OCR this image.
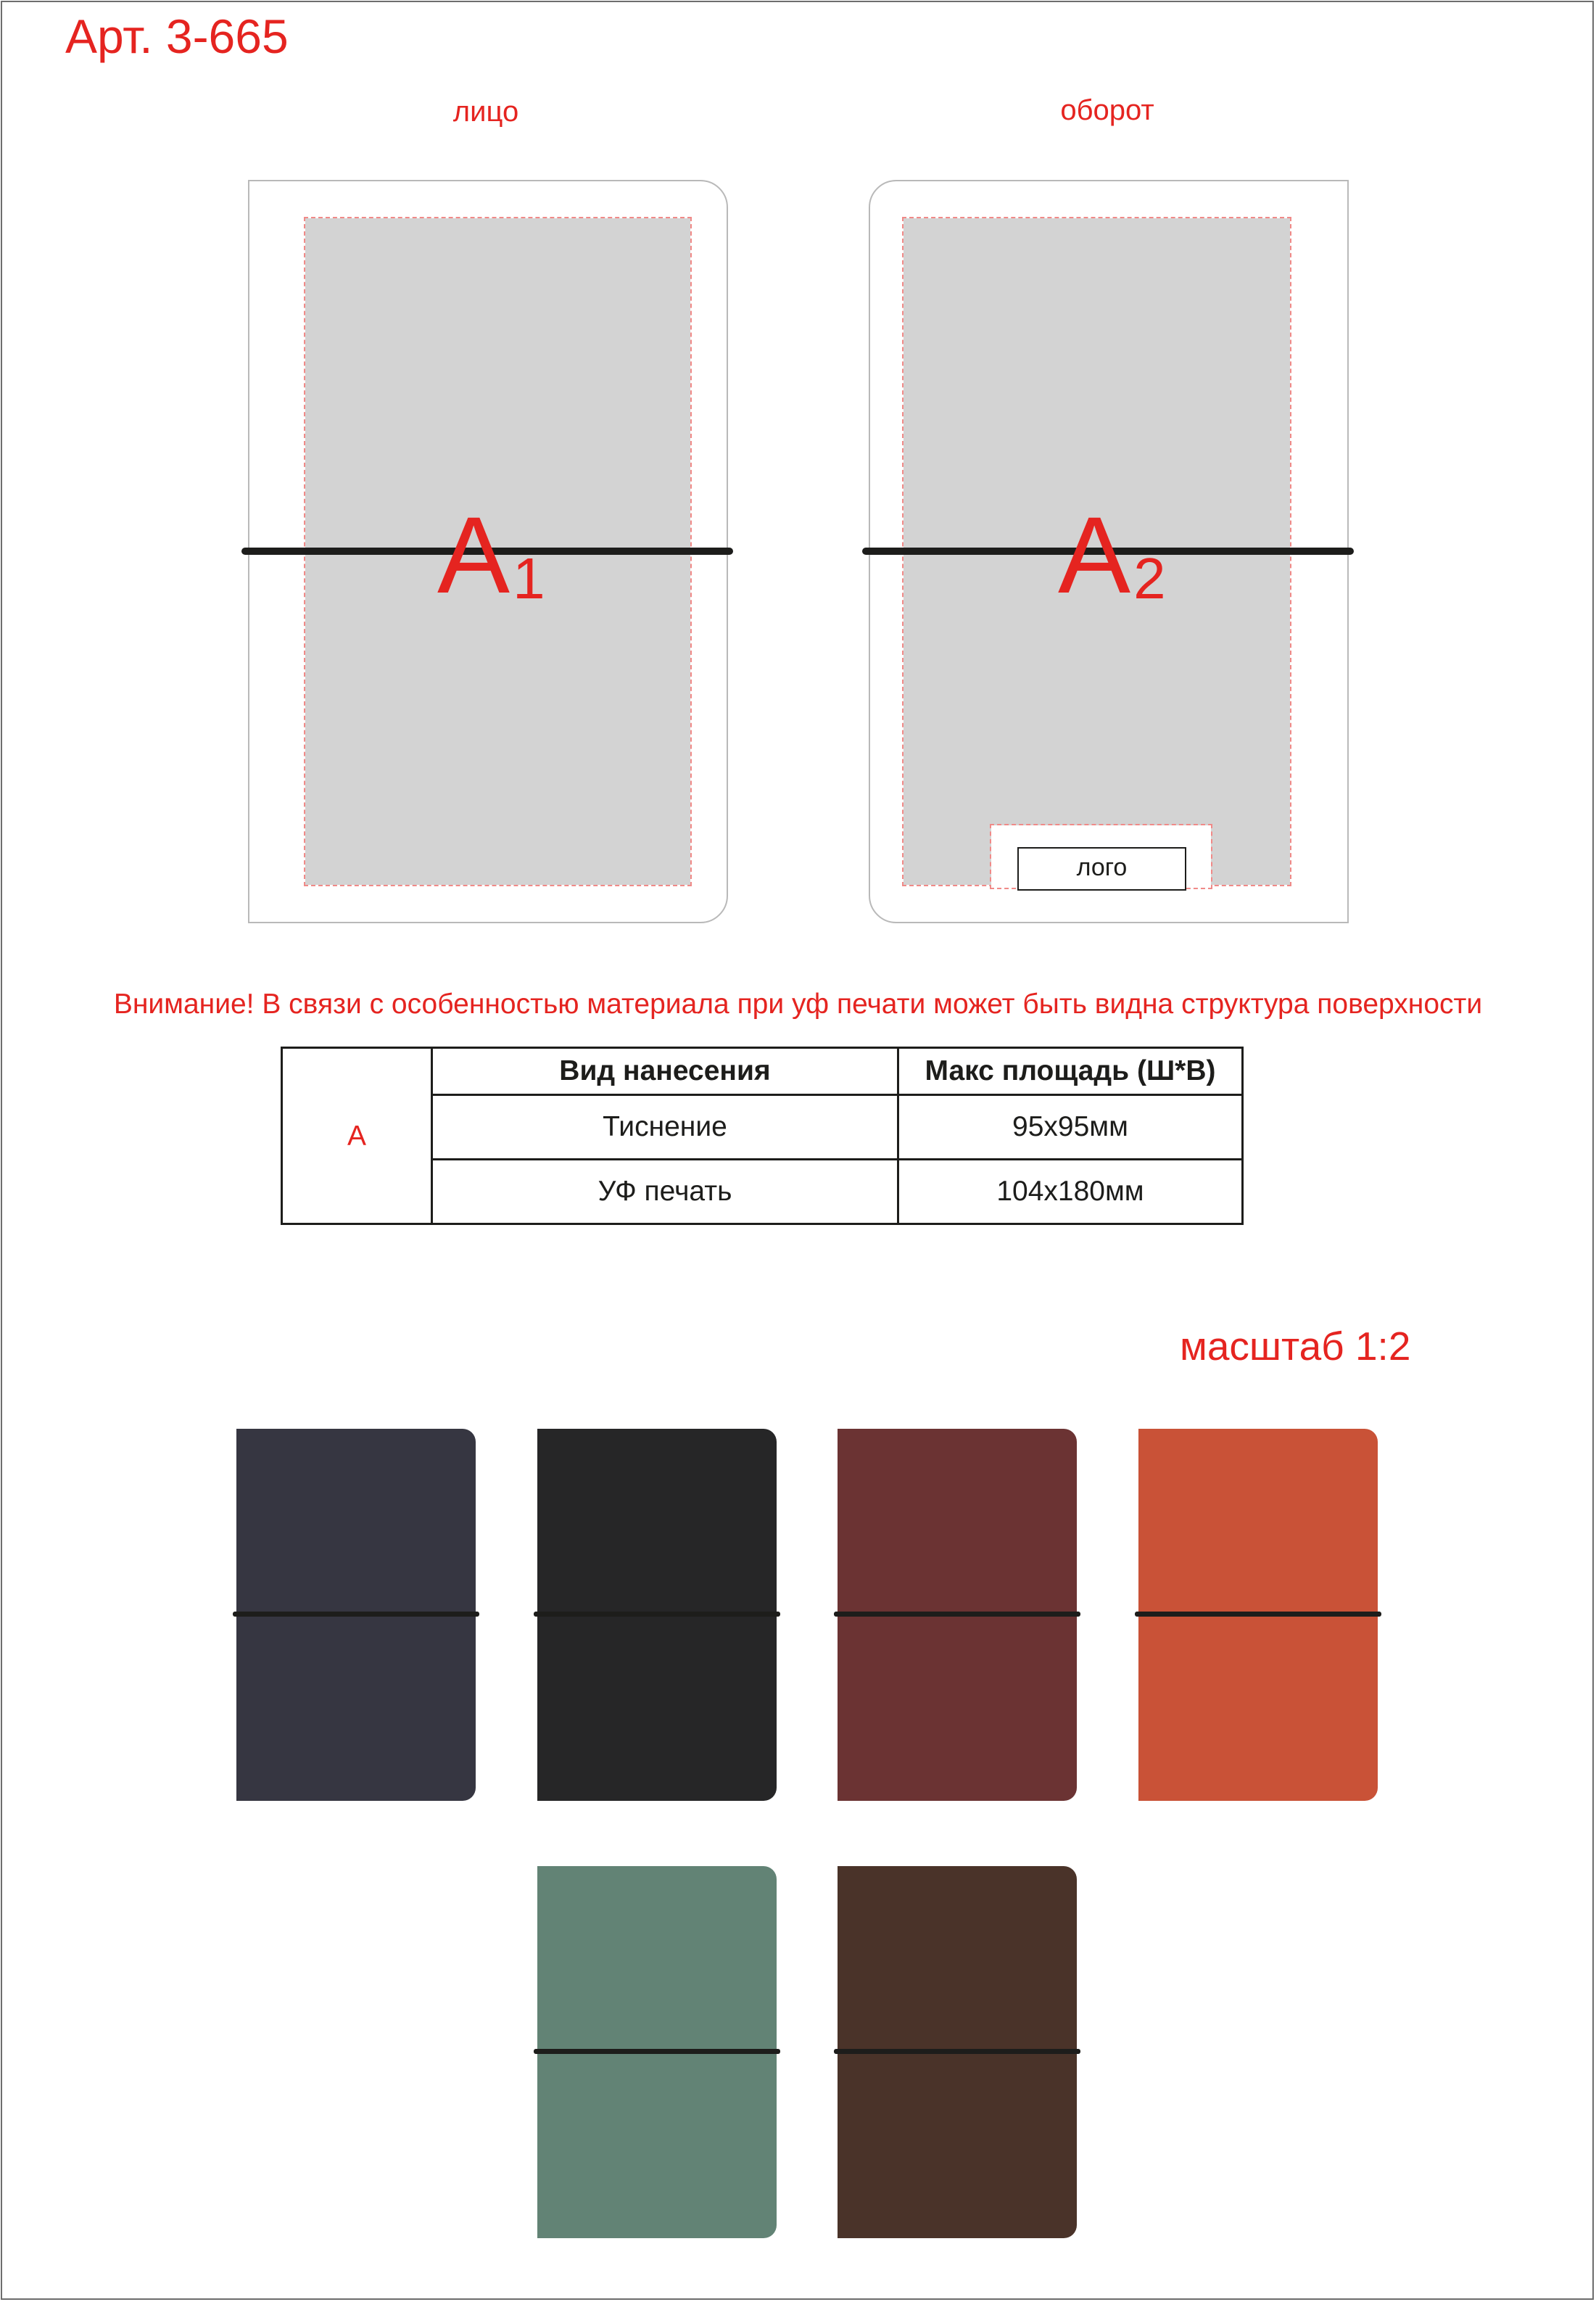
Арт. 3-665
лицо
$А_1$
оборот
лого
$А_2$
Внимание! В связи с особенностью материала при уф печати может быть видна структура поверхности
А	Вид нанесения	Макс площадь (Ш*В)
	Тиснение	95х95мм
	УФ печать	104х180мм
масштаб 1:2
